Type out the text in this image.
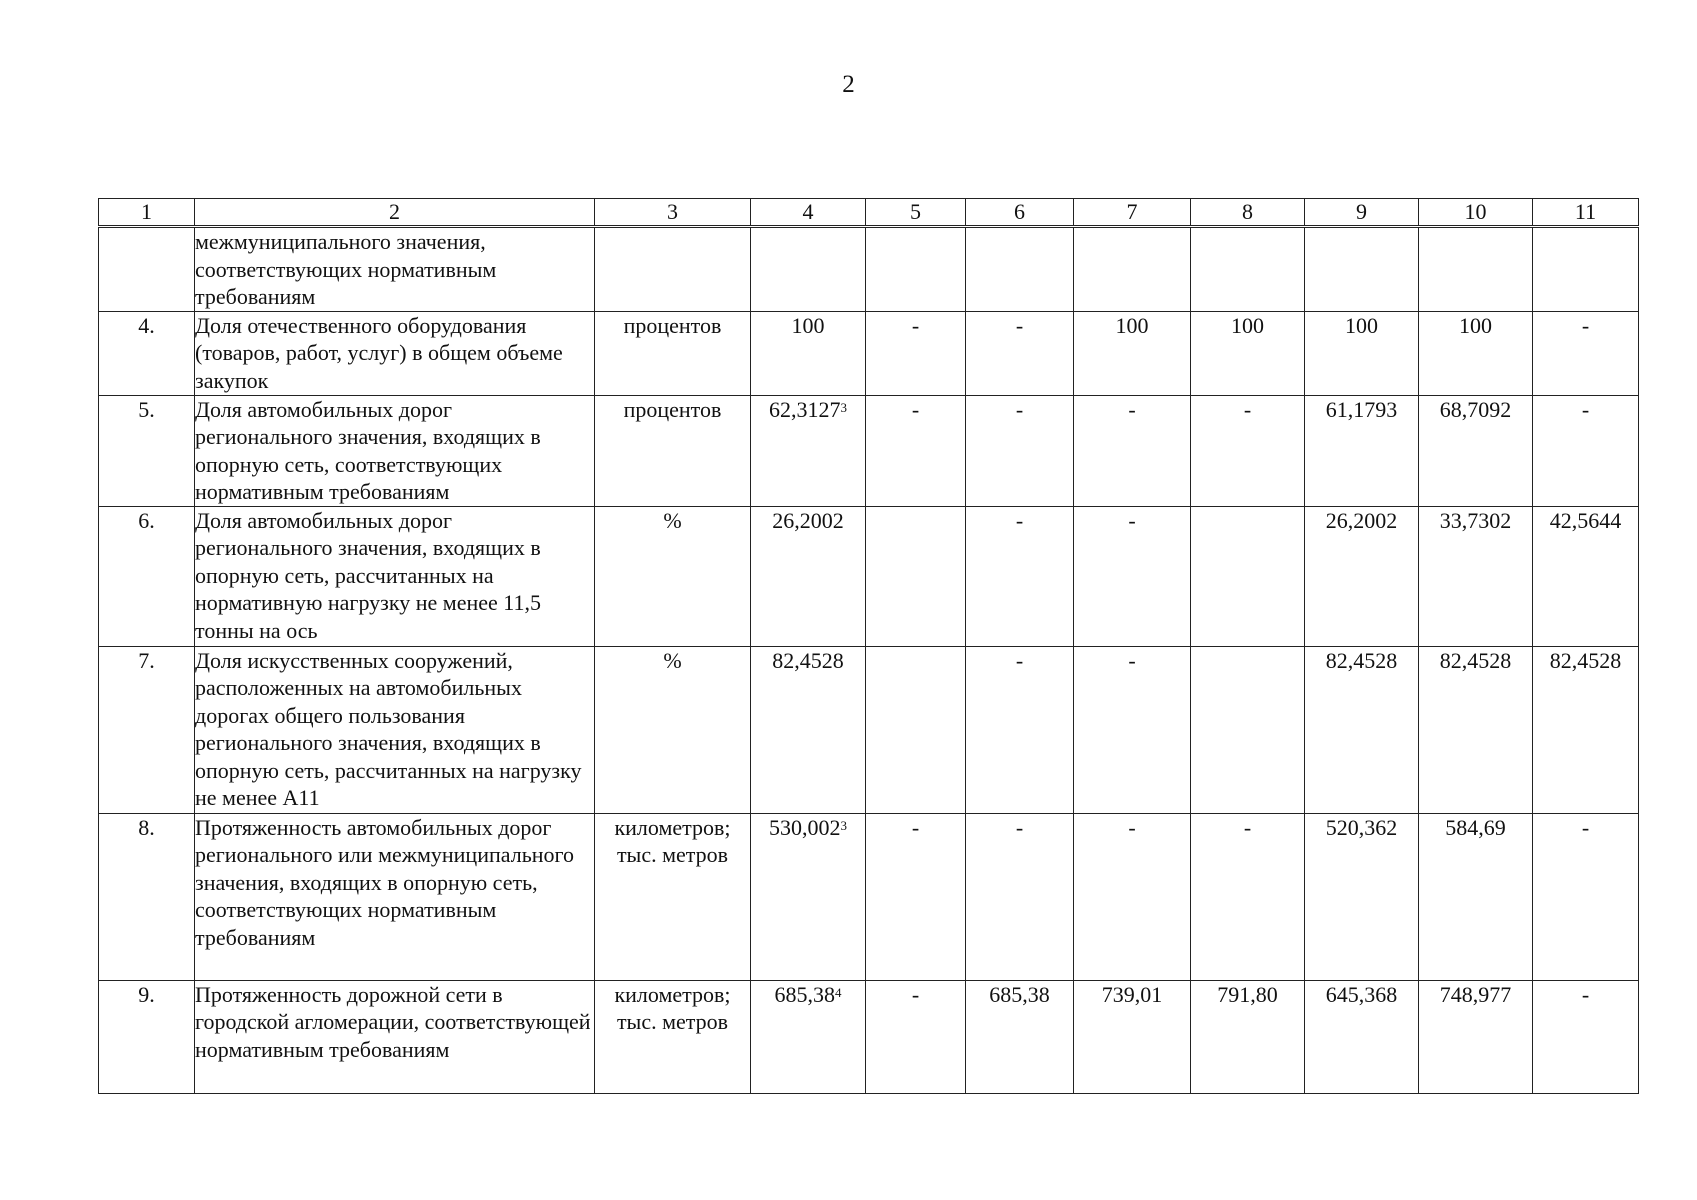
2
1	2	3	4	5	6	7	8	9	10	11
	межмуниципального значения, соответствующих нормативным требованиям									
4.	Доля отечественного оборудования (товаров, работ, услуг) в общем объеме закупок	процентов	100	-	-	100	100	100	100	-
5.	Доля автомобильных дорог регионального значения, входящих в опорную сеть, соответствующих нормативным требованиям	процентов	62,3127$^3$	-	-	-	-	61,1793	68,7092	-
6.	Доля автомобильных дорог регионального значения, входящих в опорную сеть, рассчитанных на нормативную нагрузку не менее 11,5 тонны на ось	%	26,2002		-	-		26,2002	33,7302	42,5644
7.	Доля искусственных сооружений, расположенных на автомобильных дорогах общего пользования регионального значения, входящих в опорную сеть, рассчитанных на нагрузку не менее А11	%	82,4528		-	-		82,4528	82,4528	82,4528
8.	Протяженность автомобильных дорог регионального или межмуниципального значения, входящих в опорную сеть, соответствующих нормативным требованиям	километров; тыс. метров	530,002$^3$	-	-	-	-	520,362	584,69	-
9.	Протяженность дорожной сети в городской агломерации, соответствующей нормативным требованиям	километров; тыс. метров	685,38$^4$	-	685,38	739,01	791,80	645,368	748,977	-
